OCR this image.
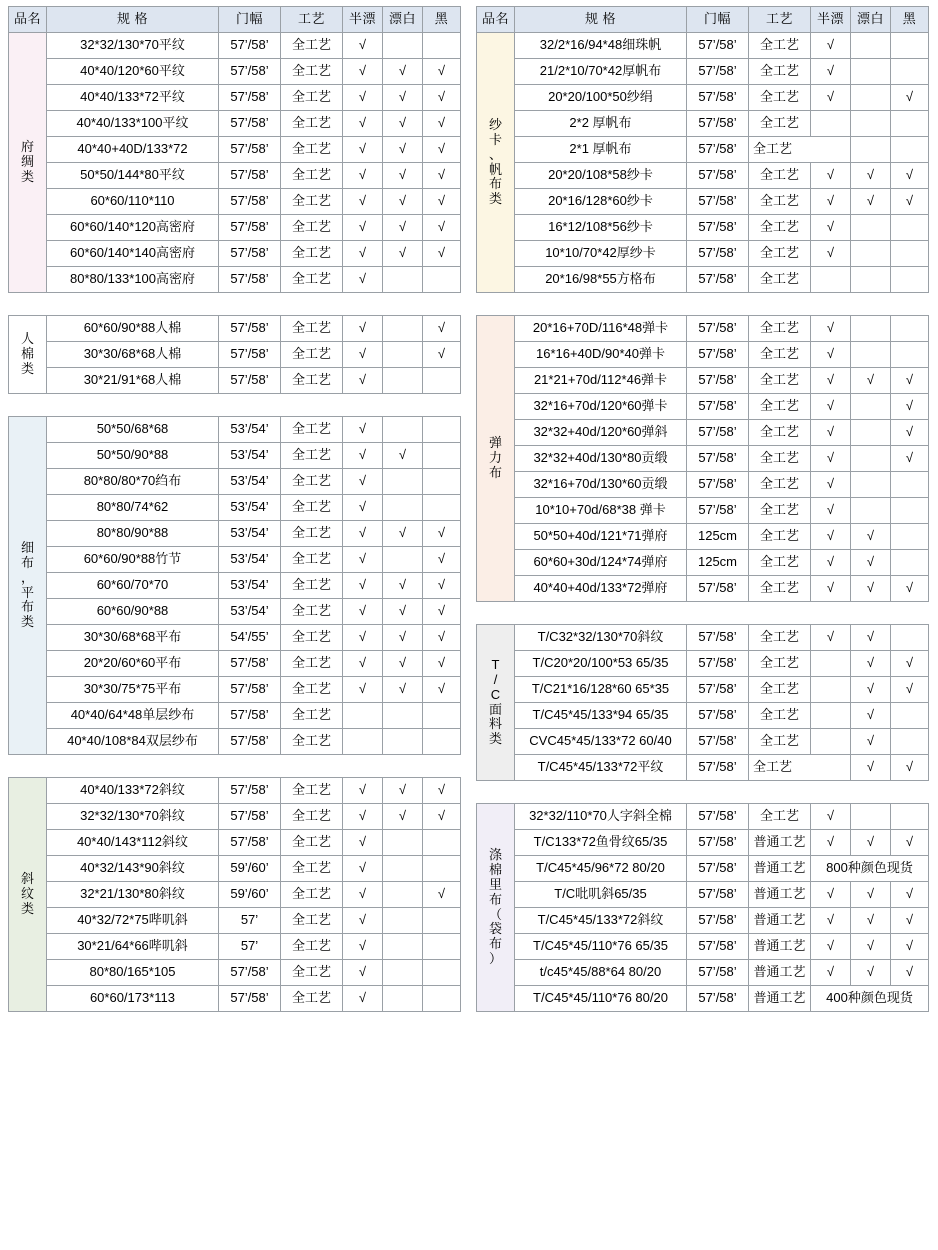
品名	规 格	门幅	工艺	半漂	漂白	黑

府
绸
类	32*32/130*70平纹	57’/58’	全工艺	√		
	40*40/120*60平纹	57’/58’	全工艺	√	√	√
	40*40/133*72平纹	57’/58’	全工艺	√	√	√
	40*40/133*100平纹	57’/58’	全工艺	√	√	√
	40*40+40D/133*72	57’/58’	全工艺	√	√	√
	50*50/144*80平纹	57’/58’	全工艺	√	√	√
	60*60/110*110	57’/58’	全工艺	√	√	√
	60*60/140*120高密府	57’/58’	全工艺	√	√	√
	60*60/140*140高密府	57’/58’	全工艺	√	√	√
	80*80/133*100高密府	57’/58’	全工艺	√		
人
棉
类	60*60/90*88人棉	57’/58’	全工艺	√		√
	30*30/68*68人棉	57’/58’	全工艺	√		√
	30*21/91*68人棉	57’/58’	全工艺	√		
细
布
，
平
布
类
	50*50/68*68	53’/54’	全工艺	√		
	50*50/90*88	53’/54’	全工艺	√	√	
	80*80/80*70绉布	53’/54’	全工艺	√		
	80*80/74*62	53’/54’	全工艺	√		
	80*80/90*88	53’/54’	全工艺	√	√	√
	60*60/90*88竹节	53’/54’	全工艺	√		√
	60*60/70*70	53’/54’	全工艺	√	√	√
	60*60/90*88	53’/54’	全工艺	√	√	√
	30*30/68*68平布	54’/55’	全工艺	√	√	√
	20*20/60*60平布	57’/58’	全工艺	√	√	√
	30*30/75*75平布	57’/58’	全工艺	√	√	√
	40*40/64*48单层纱布	57’/58’	全工艺			
	40*40/108*84双层纱布	57’/58’	全工艺			
斜
纹
类	40*40/133*72斜纹	57’/58’	全工艺	√	√	√
	32*32/130*70斜纹	57’/58’	全工艺	√	√	√
	40*40/143*112斜纹	57’/58’	全工艺	√		
	40*32/143*90斜纹	59’/60’	全工艺	√		
	32*21/130*80斜纹	59’/60’	全工艺	√		√
	40*32/72*75哔叽斜	57’	全工艺	√		
	30*21/64*66哔叽斜	57’	全工艺	√		
	80*80/165*105	57’/58’	全工艺	√		
	60*60/173*113	57’/58’	全工艺	√		
品名	规 格	门幅	工艺	半漂	漂白	黑

纱
卡
、
帆
布
类
	32/2*16/94*48细珠帆	57’/58’	全工艺	√		
	21/2*10/70*42厚帆布	57’/58’	全工艺	√		
	20*20/100*50纱绢	57’/58’	全工艺	√		√
	2*2 厚帆布	57’/58’	全工艺			
	2*1 厚帆布	57’/58’	全工艺			
	20*20/108*58纱卡	57’/58’	全工艺	√	√	√
	20*16/128*60纱卡	57’/58’	全工艺	√	√	√
	16*12/108*56纱卡	57’/58’	全工艺	√		
	10*10/70*42厚纱卡	57’/58’	全工艺	√		
	20*16/98*55方格布	57’/58’	全工艺			
弹
力
布	20*16+70D/116*48弹卡	57’/58’	全工艺	√		
	16*16+40D/90*40弹卡	57’/58’	全工艺	√		
	21*21+70d/112*46弹卡	57’/58’	全工艺	√	√	√
	32*16+70d/120*60弹卡	57’/58’	全工艺	√		√
	32*32+40d/120*60弹斜	57’/58’	全工艺	√		√
	32*32+40d/130*80贡缎	57’/58’	全工艺	√		√
	32*16+70d/130*60贡缎	57’/58’	全工艺	√		
	10*10+70d/68*38 弹卡	57’/58’	全工艺	√		
	50*50+40d/121*71弹府	125cm	全工艺	√	√	
	60*60+30d/124*74弹府	125cm	全工艺	√	√	
	40*40+40d/133*72弹府	57’/58’	全工艺	√	√	√
T
/
C
面
料
类
	T/C32*32/130*70斜纹	57’/58’	全工艺	√	√	
	T/C20*20/100*53 65/35	57’/58’	全工艺		√	√
	T/C21*16/128*60 65*35	57’/58’	全工艺		√	√
	T/C45*45/133*94 65/35	57’/58’	全工艺		√	
	CVC45*45/133*72 60/40	57’/58’	全工艺		√	
	T/C45*45/133*72平纹	57’/58’	全工艺		√	√
涤
棉
里
布
（
袋
布
）
	32*32/110*70人字斜全棉	57’/58’	全工艺	√		
	T/C133*72鱼骨纹65/35	57’/58’	普通工艺	√	√	√
	T/C45*45/96*72 80/20	57’/58’	普通工艺	800种颜色现货		
	T/C吡叽斜65/35	57’/58’	普通工艺	√	√	√
	T/C45*45/133*72斜纹	57’/58’	普通工艺	√	√	√
	T/C45*45/110*76 65/35	57’/58’	普通工艺	√	√	√
	t/c45*45/88*64 80/20	57’/58’	普通工艺	√	√	√
	T/C45*45/110*76 80/20	57’/58’	普通工艺	400种颜色现货		
